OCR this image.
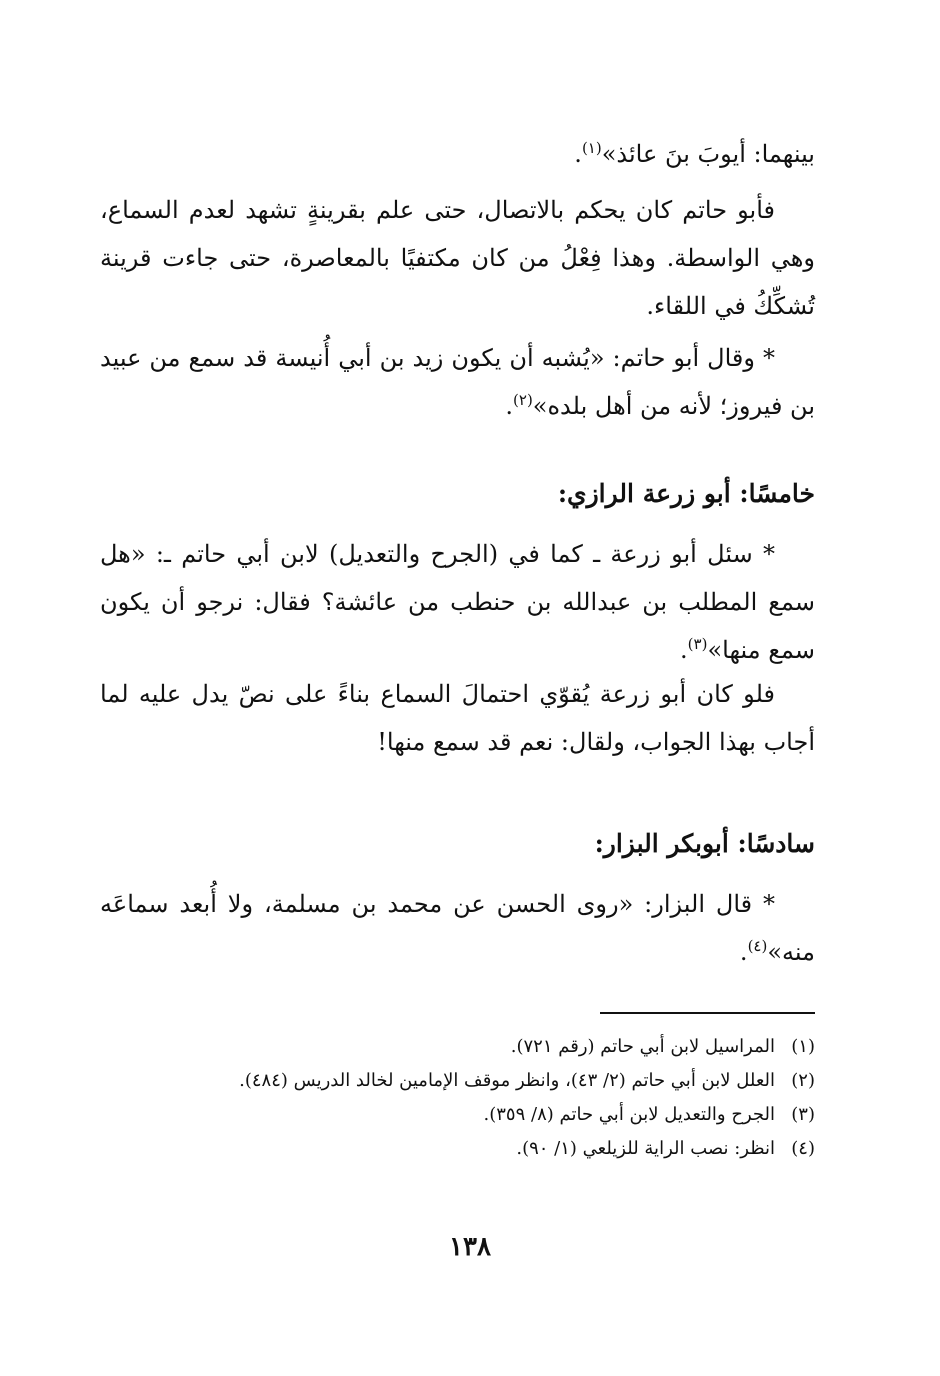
بينهما: أيوبَ بنَ عائذ»$^{(١)}$.

فأبو حاتم كان يحكم بالاتصال، حتى علم بقرينةٍ تشهد لعدم السماع، وهي الواسطة. وهذا فِعْلُ من كان مكتفيًا بالمعاصرة، حتى جاءت قرينة تُشكِّكُ في اللقاء.

* وقال أبو حاتم: «يُشبه أن يكون زيد بن أبي أُنيسة قد سمع من عبيد بن فيروز؛ لأنه من أهل بلده»$^{(٢)}$.

خامسًا: أبو زرعة الرازي:

* سئل أبو زرعة ـ كما في (الجرح والتعديل) لابن أبي حاتم ـ: «هل سمع المطلب بن عبدالله بن حنطب من عائشة؟ فقال: نرجو أن يكون سمع منها»$^{(٣)}$.

فلو كان أبو زرعة يُقوّي احتمالَ السماع بناءً على نصّ يدل عليه لما أجاب بهذا الجواب، ولقال: نعم قد سمع منها!

سادسًا: أبوبكر البزار:

* قال البزار: «روى الحسن عن محمد بن مسلمة، ولا أُبعد سماعَه منه»$^{(٤)}$.

(١)المراسيل لابن أبي حاتم (رقم ٧٢١).
(٢)العلل لابن أبي حاتم (٢/ ٤٣)، وانظر موقف الإمامين لخالد الدريس (٤٨٤).
(٣)الجرح والتعديل لابن أبي حاتم (٨/ ٣٥٩).
(٤)انظر: نصب الراية للزيلعي (١/ ٩٠).
١٣٨
